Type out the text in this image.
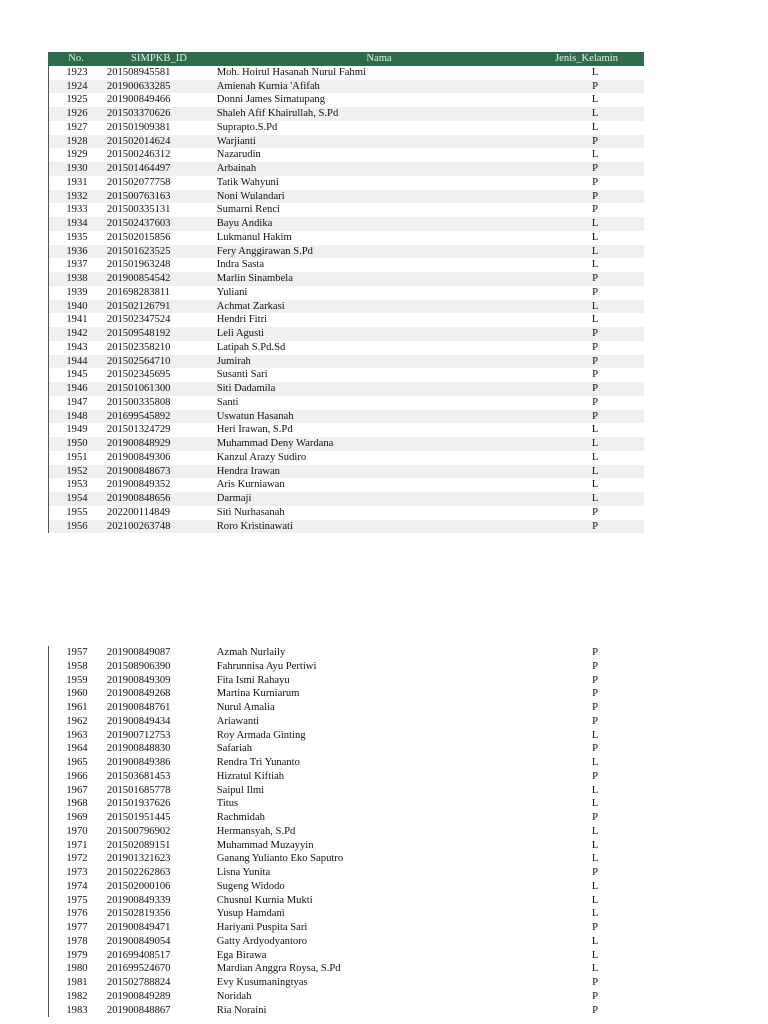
No.	SIMPKB_ID	Nama	Jenis_Kelamin
1923	201508945581	Moh. Hoirul Hasanah Nurul Fahmi	L
1924	201900633285	Amienah Kurnia 'Afifah	P
1925	201900849466	Donni James Simatupang	L
1926	201503370626	Shaleh Afif Khairullah, S.Pd	L
1927	201501909381	Suprapto.S.Pd	L
1928	201502014624	Warjianti	P
1929	201500246312	Nazarudin	L
1930	201501464497	Arbainah	P
1931	201502077758	Tatik Wahyuni	P
1932	201500763163	Noni Wulandari	P
1933	201500335131	Sumarni Renci	P
1934	201502437603	Bayu Andika	L
1935	201502015856	Lukmanul Hakim	L
1936	201501623525	Fery Anggirawan S.Pd	L
1937	201501963248	Indra Sasta	L
1938	201900854542	Marlin Sinambela	P
1939	201698283811	Yuliani	P
1940	201502126791	Achmat Zarkasi	L
1941	201502347524	Hendri Fitri	L
1942	201509548192	Leli Agusti	P
1943	201502358210	Latipah S.Pd.Sd	P
1944	201502564710	Jumirah	P
1945	201502345695	Susanti Sari	P
1946	201501061300	Siti Dadamila	P
1947	201500335808	Santi	P
1948	201699545892	Uswatun Hasanah	P
1949	201501324729	Heri Irawan, S.Pd	L
1950	201900848929	Muhammad Deny Wardana	L
1951	201900849306	Kanzul Arazy Sudiro	L
1952	201900848673	Hendra Irawan	L
1953	201900849352	Aris Kurniawan	L
1954	201900848656	Darmaji	L
1955	202200114849	Siti Nurhasanah	P
1956	202100263748	Roro Kristinawati	P
1957	201900849087	Azmah Nurlaily	P
1958	201508906390	Fahrunnisa Ayu Pertiwi	P
1959	201900849309	Fita Ismi Rahayu	P
1960	201900849268	Martina Kurniarum	P
1961	201900848761	Nurul Amalia	P
1962	201900849434	Ariawanti	P
1963	201900712753	Roy Armada Ginting	L
1964	201900848830	Safariah	P
1965	201900849386	Rendra Tri Yunanto	L
1966	201503681453	Hizratul Kiftiah	P
1967	201501685778	Saipul Ilmi	L
1968	201501937626	Titus	L
1969	201501951445	Rachmidah	P
1970	201500796902	Hermansyah, S.Pd	L
1971	201502089151	Muhammad Muzayyin	L
1972	201901321623	Ganang Yulianto Eko Saputro	L
1973	201502262863	Lisna Yunita	P
1974	201502000106	Sugeng Widodo	L
1975	201900849339	Chusnul Kurnia Mukti	L
1976	201502819356	Yusup Hamdani	L
1977	201900849471	Hariyani Puspita Sari	P
1978	201900849054	Gatty Ardyodyantoro	L
1979	201699408517	Ega Birawa	L
1980	201699524670	Mardian Anggra Roysa, S.Pd	L
1981	201502788824	Evy Kusumaningtyas	P
1982	201900849289	Noridah	P
1983	201900848867	Ria Noraini	P
